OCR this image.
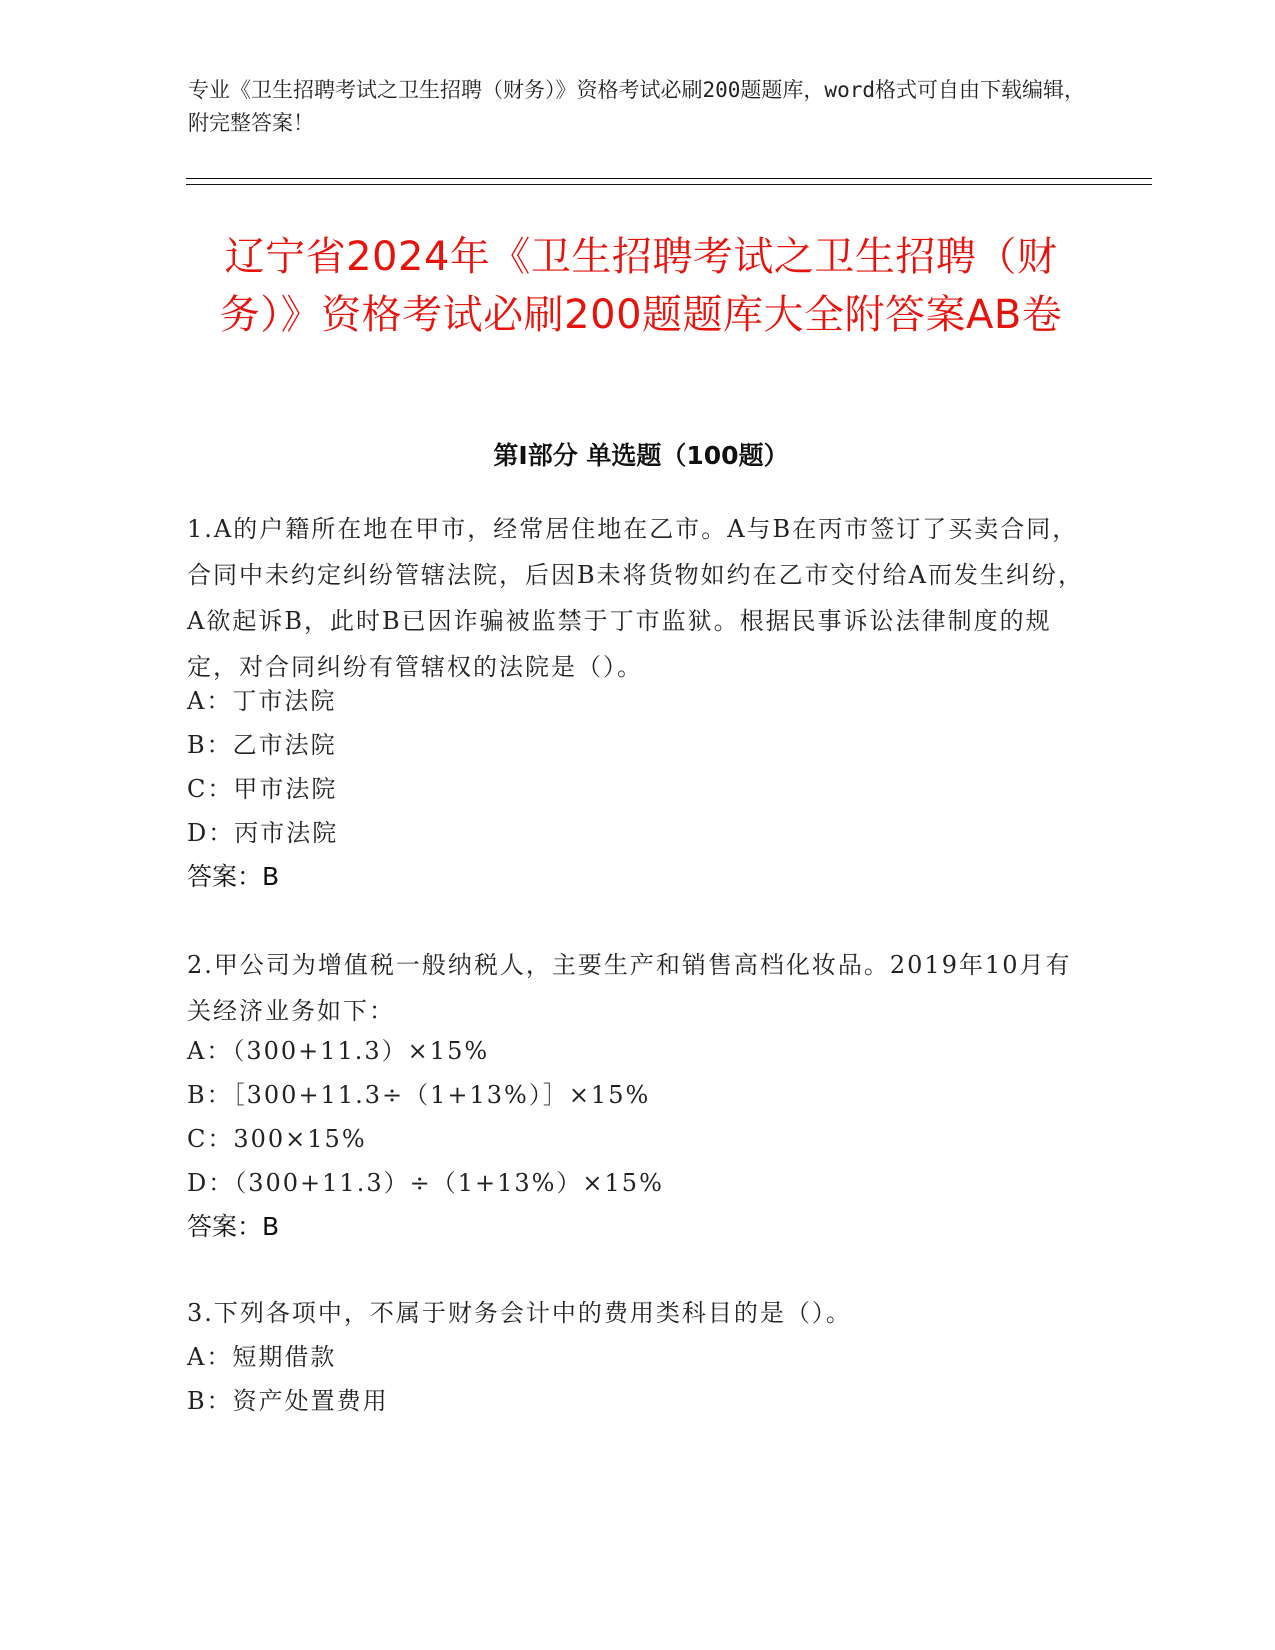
专业《卫生招聘考试之卫生招聘（财务）》资格考试必刷200题题库，word格式可自由下载编辑，附完整答案！

辽宁省2024年《卫生招聘考试之卫生招聘（财务）》资格考试必刷200题题库大全附答案AB卷
第Ⅰ部分 单选题（100题）

1.A的户籍所在地在甲市，经常居住地在乙市。A与B在丙市签订了买卖合同，合同中未约定纠纷管辖法院，后因B未将货物如约在乙市交付给A而发生纠纷，A欲起诉B，此时B已因诈骗被监禁于丁市监狱。根据民事诉讼法律制度的规定，对合同纠纷有管辖权的法院是（）。

A：丁市法院

B：乙市法院

C：甲市法院

D：丙市法院

答案：B

2.甲公司为增值税一般纳税人，主要生产和销售高档化妆品。2019年10月有关经济业务如下：

A：（300+11.3）×15%

B：［300+11.3÷（1+13%）］×15%

C：300×15%

D：（300+11.3）÷（1+13%）×15%

答案：B

3.下列各项中，不属于财务会计中的费用类科目的是（）。

A：短期借款

B：资产处置费用
